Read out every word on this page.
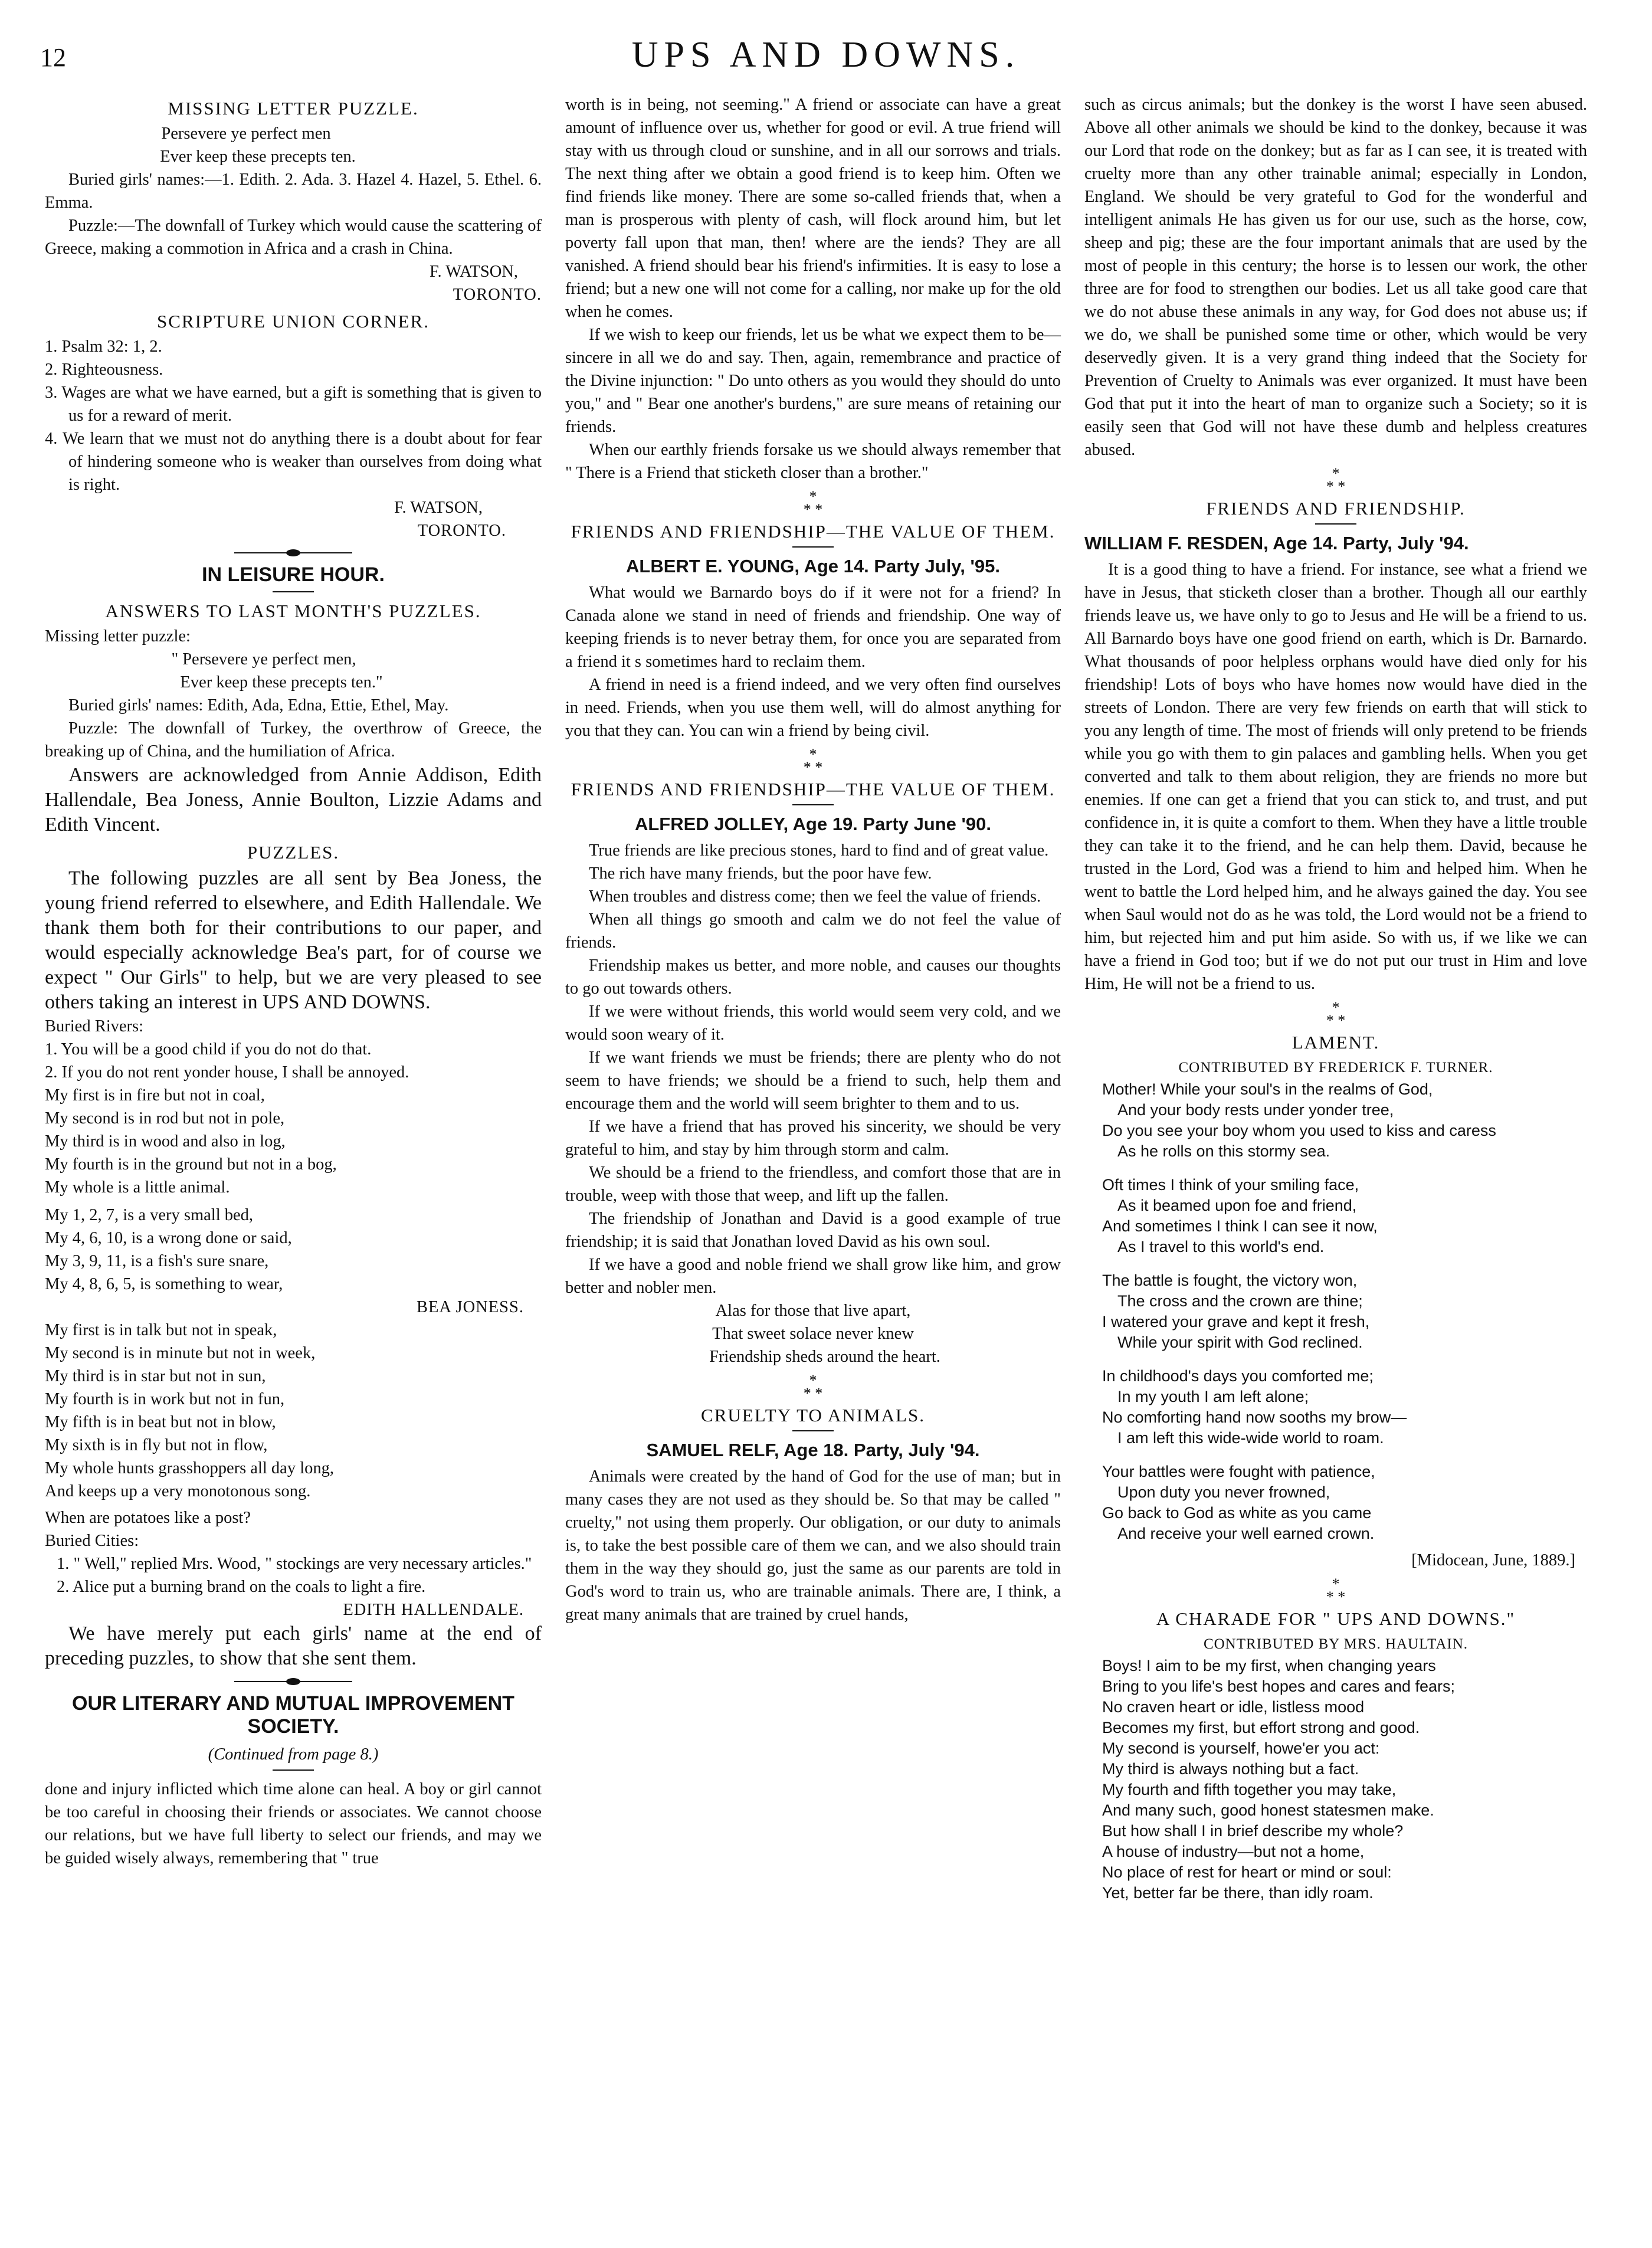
12	UPS AND DOWNS.
MISSING LETTER PUZZLE.

Persevere ye perfect men

Ever keep these precepts ten.

Buried girls' names:—1. Edith. 2. Ada. 3. Hazel 4. Hazel, 5. Ethel. 6. Emma.

Puzzle:—The downfall of Turkey which would cause the scattering of Greece, making a commotion in Africa and a crash in China.

F. WATSON,

TORONTO.

SCRIPTURE UNION CORNER.

1. Psalm 32: 1, 2.

2. Righteousness.

3. Wages are what we have earned, but a gift is something that is given to us for a reward of merit.

4. We learn that we must not do anything there is a doubt about for fear of hindering someone who is weaker than ourselves from doing what is right.

F. WATSON,

TORONTO.

IN LEISURE HOUR.
ANSWERS TO LAST MONTH'S PUZZLES.

Missing letter puzzle:

" Persevere ye perfect men,

Ever keep these precepts ten."

Buried girls' names: Edith, Ada, Edna, Ettie, Ethel, May.

Puzzle: The downfall of Turkey, the overthrow of Greece, the breaking up of China, and the humiliation of Africa.

Answers are acknowledged from Annie Addison, Edith Hallendale, Bea Joness, Annie Boulton, Lizzie Adams and Edith Vincent.

PUZZLES.

The following puzzles are all sent by Bea Joness, the young friend referred to elsewhere, and Edith Hallendale. We thank them both for their contributions to our paper, and would especially acknowledge Bea's part, for of course we expect " Our Girls" to help, but we are very pleased to see others taking an interest in UPS AND DOWNS.

Buried Rivers:

1. You will be a good child if you do not do that.

2. If you do not rent yonder house, I shall be annoyed.

My first is in fire but not in coal,

My second is in rod but not in pole,

My third is in wood and also in log,

My fourth is in the ground but not in a bog,

My whole is a little animal.

My 1, 2, 7, is a very small bed,

My 4, 6, 10, is a wrong done or said,

My 3, 9, 11, is a fish's sure snare,

My 4, 8, 6, 5, is something to wear,

BEA JONESS.

My first is in talk but not in speak,

My second is in minute but not in week,

My third is in star but not in sun,

My fourth is in work but not in fun,

My fifth is in beat but not in blow,

My sixth is in fly but not in flow,

My whole hunts grasshoppers all day long,

And keeps up a very monotonous song.

When are potatoes like a post?

Buried Cities:

1. " Well," replied Mrs. Wood, " stockings are very necessary articles."

2. Alice put a burning brand on the coals to light a fire.

EDITH HALLENDALE.

We have merely put each girls' name at the end of preceding puzzles, to show that she sent them.

OUR LITERARY AND MUTUAL IMPROVEMENT SOCIETY.

(Continued from page 8.)

done and injury inflicted which time alone can heal. A boy or girl cannot be too careful in choosing their friends or associates. We cannot choose our relations, but we have full liberty to select our friends, and may we be guided wisely always, remembering that " true

worth is in being, not seeming." A friend or associate can have a great amount of influence over us, whether for good or evil. A true friend will stay with us through cloud or sunshine, and in all our sorrows and trials. The next thing after we obtain a good friend is to keep him. Often we find friends like money. There are some so-called friends that, when a man is prosperous with plenty of cash, will flock around him, but let poverty fall upon that man, then! where are the iends? They are all vanished. A friend should bear his friend's infirmities. It is easy to lose a friend; but a new one will not come for a calling, nor make up for the old when he comes.

If we wish to keep our friends, let us be what we expect them to be—sincere in all we do and say. Then, again, remembrance and practice of the Divine injunction: " Do unto others as you would they should do unto you," and " Bear one another's burdens," are sure means of retaining our friends.

When our earthly friends forsake us we should always remember that " There is a Friend that sticketh closer than a brother."

*
* *
FRIENDS AND FRIENDSHIP—THE VALUE OF THEM.
ALBERT E. YOUNG, Age 14. Party July, '95.

What would we Barnardo boys do if it were not for a friend? In Canada alone we stand in need of friends and friendship. One way of keeping friends is to never betray them, for once you are separated from a friend it s sometimes hard to reclaim them.

A friend in need is a friend indeed, and we very often find ourselves in need. Friends, when you use them well, will do almost anything for you that they can. You can win a friend by being civil.

*
* *
FRIENDS AND FRIENDSHIP—THE VALUE OF THEM.
ALFRED JOLLEY, Age 19. Party June '90.

True friends are like precious stones, hard to find and of great value.

The rich have many friends, but the poor have few.

When troubles and distress come; then we feel the value of friends.

When all things go smooth and calm we do not feel the value of friends.

Friendship makes us better, and more noble, and causes our thoughts to go out towards others.

If we were without friends, this world would seem very cold, and we would soon weary of it.

If we want friends we must be friends; there are plenty who do not seem to have friends; we should be a friend to such, help them and encourage them and the world will seem brighter to them and to us.

If we have a friend that has proved his sincerity, we should be very grateful to him, and stay by him through storm and calm.

We should be a friend to the friendless, and comfort those that are in trouble, weep with those that weep, and lift up the fallen.

The friendship of Jonathan and David is a good example of true friendship; it is said that Jonathan loved David as his own soul.

If we have a good and noble friend we shall grow like him, and grow better and nobler men.

Alas for those that live apart,

That sweet solace never knew

Friendship sheds around the heart.

*
* *
CRUELTY TO ANIMALS.
SAMUEL RELF, Age 18. Party, July '94.

Animals were created by the hand of God for the use of man; but in many cases they are not used as they should be. So that may be called " cruelty," not using them properly. Our obligation, or our duty to animals is, to take the best possible care of them we can, and we also should train them in the way they should go, just the same as our parents are told in God's word to train us, who are trainable animals. There are, I think, a great many animals that are trained by cruel hands,

such as circus animals; but the donkey is the worst I have seen abused. Above all other animals we should be kind to the donkey, because it was our Lord that rode on the donkey; but as far as I can see, it is treated with cruelty more than any other trainable animal; especially in London, England. We should be very grateful to God for the wonderful and intelligent animals He has given us for our use, such as the horse, cow, sheep and pig; these are the four important animals that are used by the most of people in this century; the horse is to lessen our work, the other three are for food to strengthen our bodies. Let us all take good care that we do not abuse these animals in any way, for God does not abuse us; if we do, we shall be punished some time or other, which would be very deservedly given. It is a very grand thing indeed that the Society for Prevention of Cruelty to Animals was ever organized. It must have been God that put it into the heart of man to organize such a Society; so it is easily seen that God will not have these dumb and helpless creatures abused.

*
* *
FRIENDS AND FRIENDSHIP.
WILLIAM F. RESDEN, Age 14. Party, July '94.

It is a good thing to have a friend. For instance, see what a friend we have in Jesus, that sticketh closer than a brother. Though all our earthly friends leave us, we have only to go to Jesus and He will be a friend to us. All Barnardo boys have one good friend on earth, which is Dr. Barnardo. What thousands of poor helpless orphans would have died only for his friendship! Lots of boys who have homes now would have died in the streets of London. There are very few friends on earth that will stick to you any length of time. The most of friends will only pretend to be friends while you go with them to gin palaces and gambling hells. When you get converted and talk to them about religion, they are friends no more but enemies. If one can get a friend that you can stick to, and trust, and put confidence in, it is quite a comfort to them. When they have a little trouble they can take it to the friend, and he can help them. David, because he trusted in the Lord, God was a friend to him and helped him. When he went to battle the Lord helped him, and he always gained the day. You see when Saul would not do as he was told, the Lord would not be a friend to him, but rejected him and put him aside. So with us, if we like we can have a friend in God too; but if we do not put our trust in Him and love Him, He will not be a friend to us.

*
* *
LAMENT.

CONTRIBUTED BY FREDERICK F. TURNER.

Mother! While your soul's in the realms of God,

And your body rests under yonder tree,

Do you see your boy whom you used to kiss and caress

As he rolls on this stormy sea.

Oft times I think of your smiling face,

As it beamed upon foe and friend,

And sometimes I think I can see it now,

As I travel to this world's end.

The battle is fought, the victory won,

The cross and the crown are thine;

I watered your grave and kept it fresh,

While your spirit with God reclined.

In childhood's days you comforted me;

In my youth I am left alone;

No comforting hand now sooths my brow—

I am left this wide-wide world to roam.

Your battles were fought with patience,

Upon duty you never frowned,

Go back to God as white as you came

And receive your well earned crown.

[Midocean, June, 1889.]

*
* *
A CHARADE FOR " UPS AND DOWNS."

CONTRIBUTED BY MRS. HAULTAIN.

Boys! I aim to be my first, when changing years

Bring to you life's best hopes and cares and fears;

No craven heart or idle, listless mood

Becomes my first, but effort strong and good.

My second is yourself, howe'er you act:

My third is always nothing but a fact.

My fourth and fifth together you may take,

And many such, good honest statesmen make.

But how shall I in brief describe my whole?

A house of industry—but not a home,

No place of rest for heart or mind or soul:

Yet, better far be there, than idly roam.
